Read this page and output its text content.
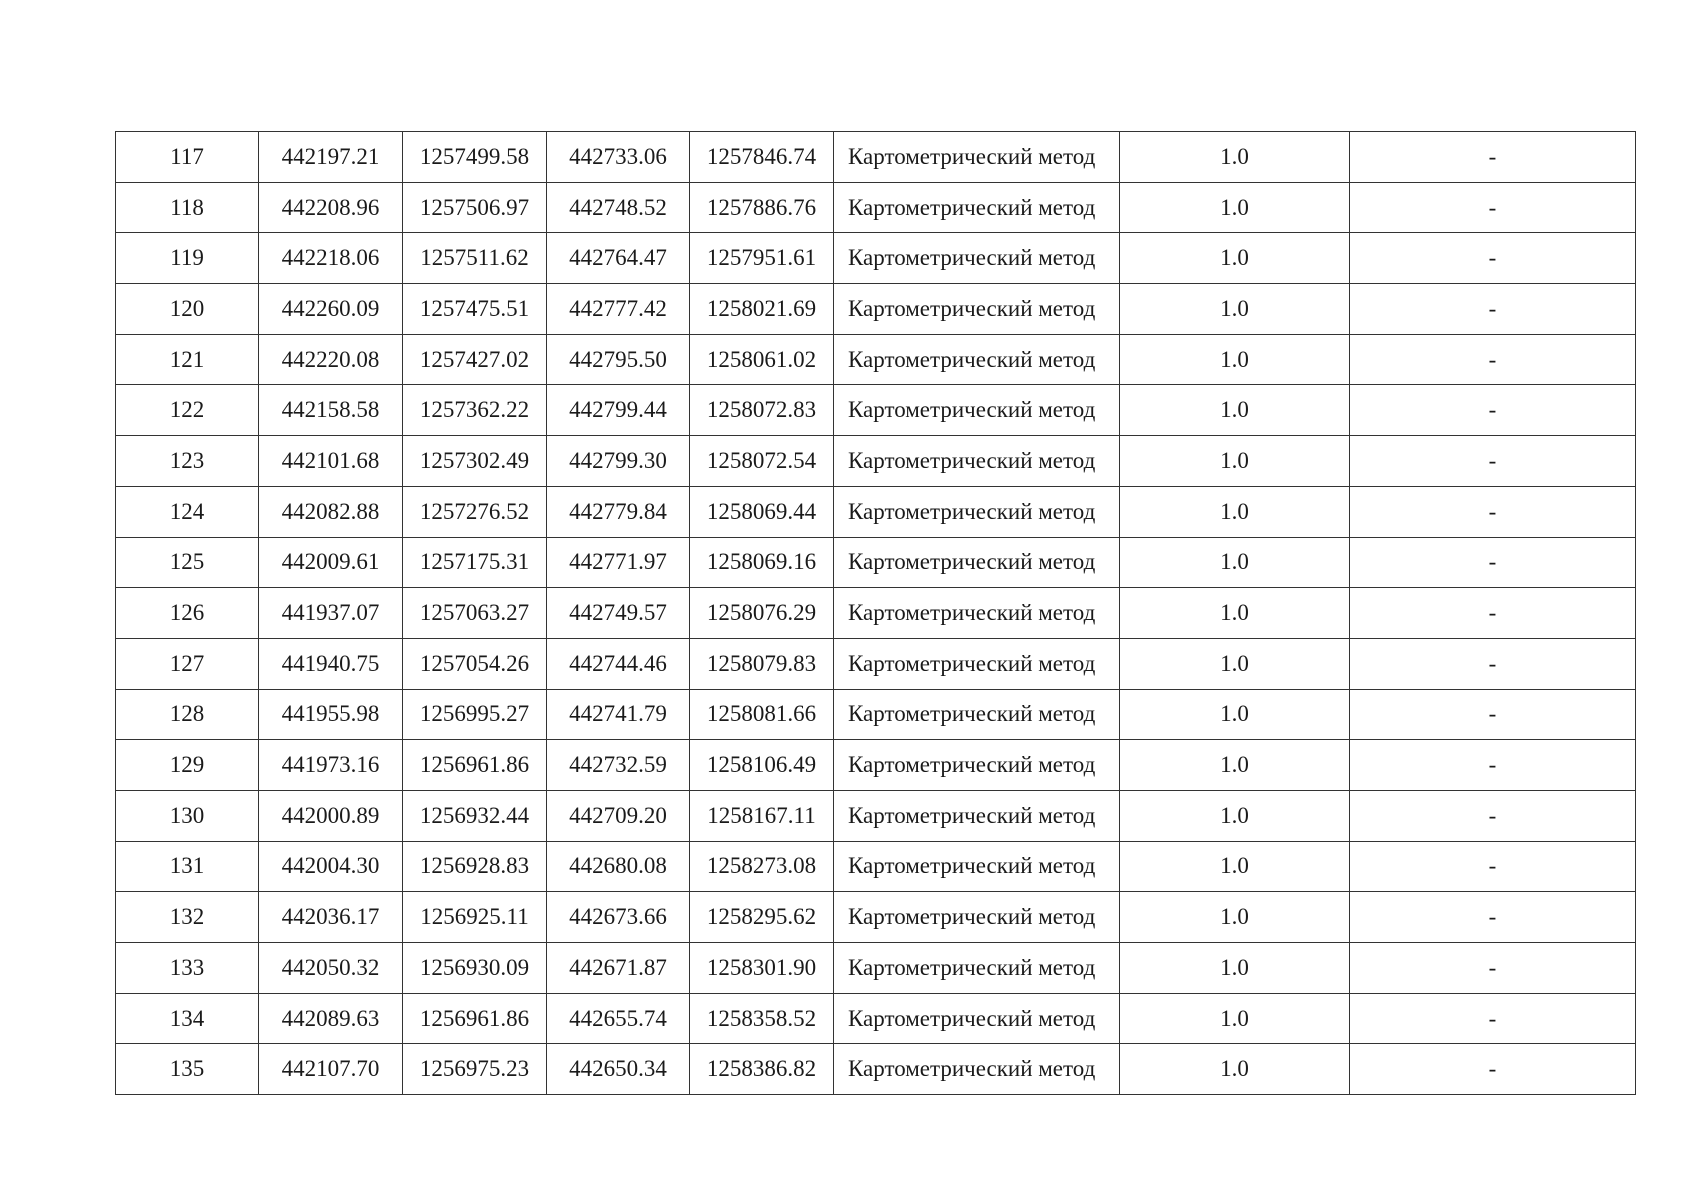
117	442197.21	1257499.58	442733.06	1257846.74	Картометрический метод	1.0	-
118	442208.96	1257506.97	442748.52	1257886.76	Картометрический метод	1.0	-
119	442218.06	1257511.62	442764.47	1257951.61	Картометрический метод	1.0	-
120	442260.09	1257475.51	442777.42	1258021.69	Картометрический метод	1.0	-
121	442220.08	1257427.02	442795.50	1258061.02	Картометрический метод	1.0	-
122	442158.58	1257362.22	442799.44	1258072.83	Картометрический метод	1.0	-
123	442101.68	1257302.49	442799.30	1258072.54	Картометрический метод	1.0	-
124	442082.88	1257276.52	442779.84	1258069.44	Картометрический метод	1.0	-
125	442009.61	1257175.31	442771.97	1258069.16	Картометрический метод	1.0	-
126	441937.07	1257063.27	442749.57	1258076.29	Картометрический метод	1.0	-
127	441940.75	1257054.26	442744.46	1258079.83	Картометрический метод	1.0	-
128	441955.98	1256995.27	442741.79	1258081.66	Картометрический метод	1.0	-
129	441973.16	1256961.86	442732.59	1258106.49	Картометрический метод	1.0	-
130	442000.89	1256932.44	442709.20	1258167.11	Картометрический метод	1.0	-
131	442004.30	1256928.83	442680.08	1258273.08	Картометрический метод	1.0	-
132	442036.17	1256925.11	442673.66	1258295.62	Картометрический метод	1.0	-
133	442050.32	1256930.09	442671.87	1258301.90	Картометрический метод	1.0	-
134	442089.63	1256961.86	442655.74	1258358.52	Картометрический метод	1.0	-
135	442107.70	1256975.23	442650.34	1258386.82	Картометрический метод	1.0	-
